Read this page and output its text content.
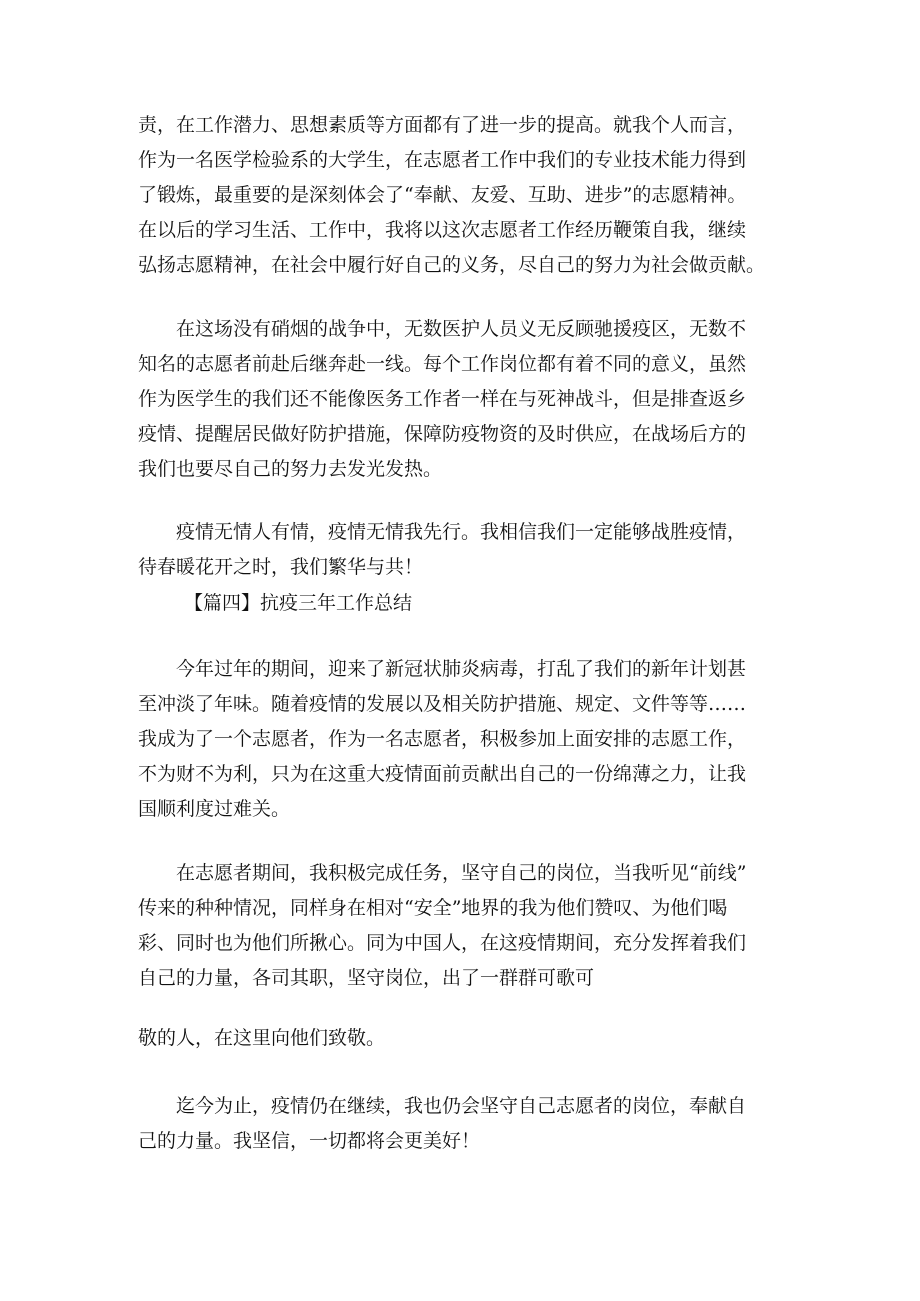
责，在工作潜力、思想素质等方面都有了进一步的提高。就我个人而言，
作为一名医学检验系的大学生，在志愿者工作中我们的专业技术能力得到
了锻炼，最重要的是深刻体会了“奉献、友爱、互助、进步”的志愿精神。
在以后的学习生活、工作中，我将以这次志愿者工作经历鞭策自我，继续
弘扬志愿精神，在社会中履行好自己的义务，尽自己的努力为社会做贡献。

在这场没有硝烟的战争中，无数医护人员义无反顾驰援疫区，无数不
知名的志愿者前赴后继奔赴一线。每个工作岗位都有着不同的意义，虽然
作为医学生的我们还不能像医务工作者一样在与死神战斗，但是排查返乡
疫情、提醒居民做好防护措施，保障防疫物资的及时供应，在战场后方的
我们也要尽自己的努力去发光发热。

疫情无情人有情，疫情无情我先行。我相信我们一定能够战胜疫情，
待春暖花开之时，我们繁华与共！

【篇四】抗疫三年工作总结

今年过年的期间，迎来了新冠状肺炎病毒，打乱了我们的新年计划甚
至冲淡了年味。随着疫情的发展以及相关防护措施、规定、文件等等……
我成为了一个志愿者，作为一名志愿者，积极参加上面安排的志愿工作，
不为财不为利，只为在这重大疫情面前贡献出自己的一份绵薄之力，让我
国顺利度过难关。

在志愿者期间，我积极完成任务，坚守自己的岗位，当我听见“前线”
传来的种种情况，同样身在相对“安全”地界的我为他们赞叹、为他们喝
彩、同时也为他们所揪心。同为中国人，在这疫情期间，充分发挥着我们
自己的力量，各司其职，坚守岗位，出了一群群可歌可

敬的人，在这里向他们致敬。

迄今为止，疫情仍在继续，我也仍会坚守自己志愿者的岗位，奉献自
己的力量。我坚信，一切都将会更美好！
